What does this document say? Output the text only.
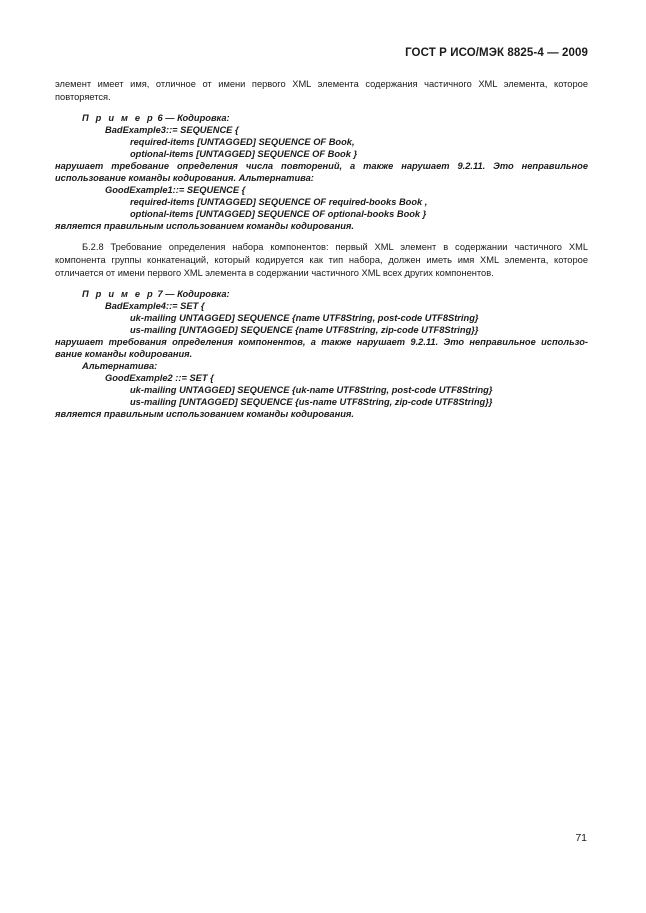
ГОСТ Р ИСО/МЭК 8825-4 — 2009
элемент имеет имя, отличное от имени первого XML элемента содержания частичного XML элемента, которое повторяется.
П р и м е р 6 — Кодировка:
BadExample3::= SEQUENCE {
required-items [UNTAGGED] SEQUENCE OF Book,
optional-items [UNTAGGED] SEQUENCE OF Book }
нарушает требование определения числа повторений, а также нарушает 9.2.11. Это неправильное
использование команды кодирования. Альтернатива:
GoodExample1::= SEQUENCE {
required-items [UNTAGGED] SEQUENCE OF required-books Book ,
optional-items [UNTAGGED] SEQUENCE OF optional-books Book }
является правильным использованием команды кодирования.
Б.2.8 Требование определения набора компонентов: первый XML элемент в содержании частичного XML компонента группы конкатенаций, который кодируется как тип набора, должен иметь имя XML элемента, которое отличается от имени первого XML элемента в содержании частичного XML всех других компонентов.
П р и м е р 7 — Кодировка:
BadExample4::= SET {
uk-mailing UNTAGGED] SEQUENCE {name UTF8String, post-code UTF8String}
us-mailing [UNTAGGED] SEQUENCE {name UTF8String, zip-code UTF8String}}
нарушает требования определения компонентов, а также нарушает 9.2.11. Это неправильное использо-
вание команды кодирования.
Альтернатива:
GoodExample2 ::= SET {
uk-mailing UNTAGGED] SEQUENCE {uk-name UTF8String, post-code UTF8String}
us-mailing [UNTAGGED] SEQUENCE {us-name UTF8String, zip-code UTF8String}}
является правильным использованием команды кодирования.
71
